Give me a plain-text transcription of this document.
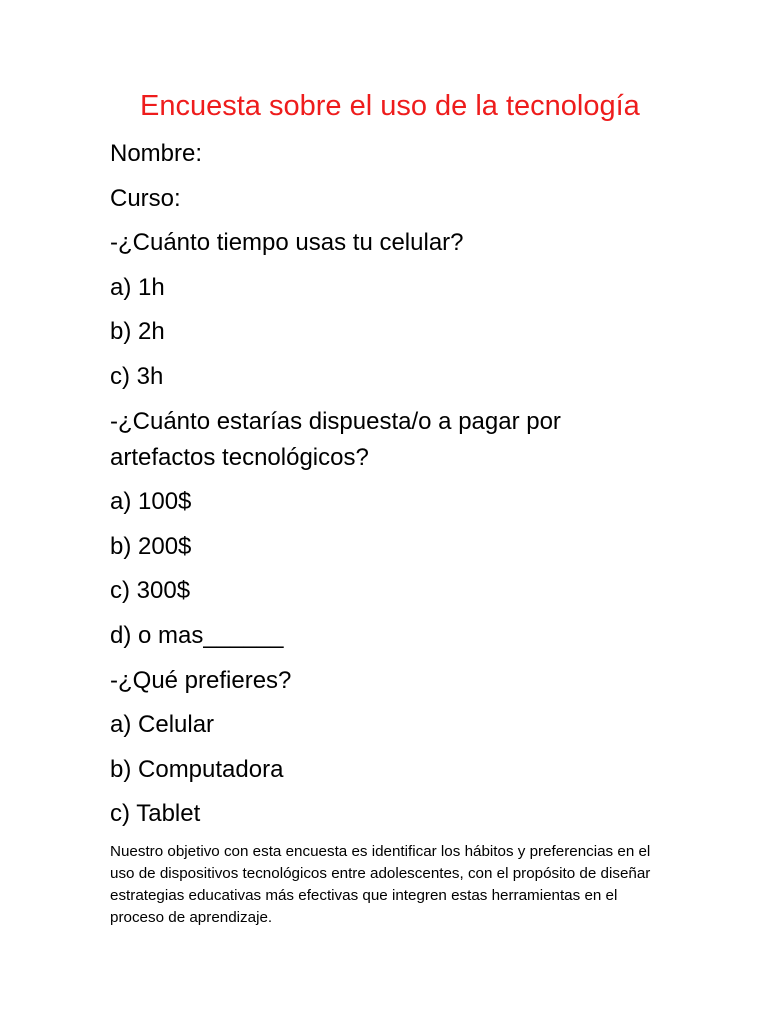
Encuesta sobre el uso de la tecnología
Nombre:
Curso:
-¿Cuánto tiempo usas tu celular?
a) 1h
b) 2h
c) 3h
-¿Cuánto estarías dispuesta/o a pagar por artefactos tecnológicos?
a) 100$
b) 200$
c) 300$
d) o mas______
-¿Qué prefieres?
a) Celular
b) Computadora
c) Tablet

Nuestro objetivo con esta encuesta es identificar los hábitos y preferencias en el uso de dispositivos tecnológicos entre adolescentes, con el propósito de diseñar estrategias educativas más efectivas que integren estas herramientas en el proceso de aprendizaje.
